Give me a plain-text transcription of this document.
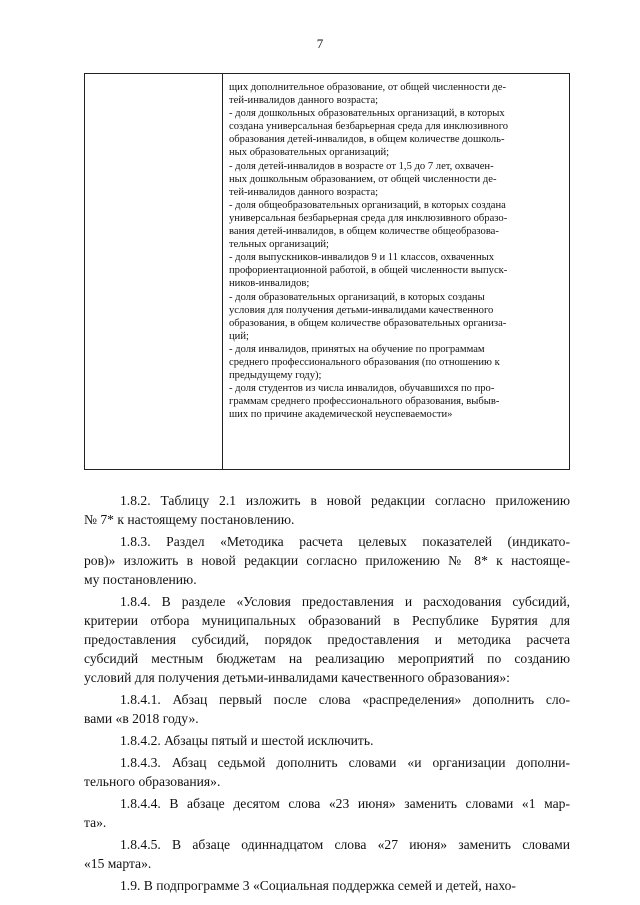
7

щих дополнительное образование, от общей численности де-
тей-инвалидов данного возраста;
- доля дошкольных образовательных организаций, в которых
создана универсальная безбарьерная среда для инклюзивного
образования детей-инвалидов, в общем количестве дошколь-
ных образовательных организаций;
- доля детей-инвалидов в возрасте от 1,5 до 7 лет, охвачен-
ных дошкольным образованием, от общей численности де-
тей-инвалидов данного возраста;
- доля общеобразовательных организаций, в которых создана
универсальная безбарьерная среда для инклюзивного образо-
вания детей-инвалидов, в общем количестве общеобразова-
тельных организаций;
- доля выпускников-инвалидов 9 и 11 классов, охваченных
профориентационной работой, в общей численности выпуск-
ников-инвалидов;
- доля образовательных организаций, в которых созданы
условия для получения детьми-инвалидами качественного
образования, в общем количестве образовательных организа-
ций;
- доля инвалидов, принятых на обучение по программам
среднего профессионального образования (по отношению к
предыдущему году);
- доля студентов из числа инвалидов, обучавшихся по про-
граммам среднего профессионального образования, выбыв-
ших по причине академической неуспеваемости»
1.8.2. Таблицу 2.1 изложить в новой редакции согласно приложению
№ 7* к настоящему постановлению.
1.8.3. Раздел «Методика расчета целевых показателей (индикато-
ров)» изложить в новой редакции согласно приложению № 8* к настояще-
му постановлению.
1.8.4. В разделе «Условия предоставления и расходования субсидий,
критерии отбора муниципальных образований в Республике Бурятия для
предоставления субсидий, порядок предоставления и методика расчета
субсидий местным бюджетам на реализацию мероприятий по созданию
условий для получения детьми-инвалидами качественного образования»:
1.8.4.1. Абзац первый после слова «распределения» дополнить сло-
вами «в 2018 году».
1.8.4.2. Абзацы пятый и шестой исключить.
1.8.4.3. Абзац седьмой дополнить словами «и организации дополни-
тельного образования».
1.8.4.4. В абзаце десятом слова «23 июня» заменить словами «1 мар-
та».
1.8.4.5. В абзаце одиннадцатом слова «27 июня» заменить словами
«15 марта».
1.9. В подпрограмме 3 «Социальная поддержка семей и детей, нахо-
